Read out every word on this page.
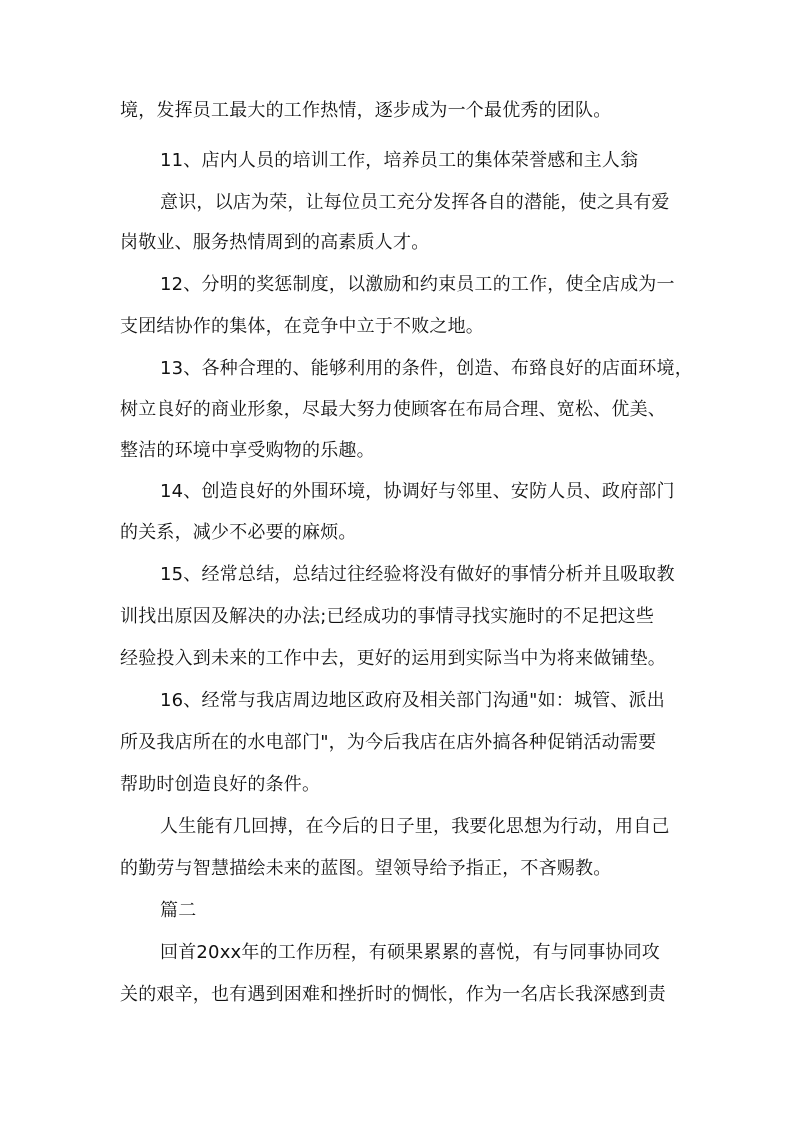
境，发挥员工最大的工作热情，逐步成为一个最优秀的团队。
11、店内人员的培训工作，培养员工的集体荣誉感和主人翁
意识，以店为荣，让每位员工充分发挥各自的潜能，使之具有爱
岗敬业、服务热情周到的高素质人才。
12、分明的奖惩制度，以激励和约束员工的工作，使全店成为一
支团结协作的集体，在竞争中立于不败之地。
13、各种合理的、能够利用的条件，创造、布臵良好的店面环境，
树立良好的商业形象，尽最大努力使顾客在布局合理、宽松、优美、
整洁的环境中享受购物的乐趣。
14、创造良好的外围环境，协调好与邻里、安防人员、政府部门
的关系，减少不必要的麻烦。
15、经常总结，总结过往经验将没有做好的事情分析并且吸取教
训找出原因及解决的办法;已经成功的事情寻找实施时的不足把这些
经验投入到未来的工作中去，更好的运用到实际当中为将来做铺垫。
16、经常与我店周边地区政府及相关部门沟通"如：城管、派出
所及我店所在的水电部门"，为今后我店在店外搞各种促销活动需要
帮助时创造良好的条件。
人生能有几回搏，在今后的日子里，我要化思想为行动，用自己
的勤劳与智慧描绘未来的蓝图。望领导给予指正，不吝赐教。
篇二
回首20xx年的工作历程，有硕果累累的喜悦，有与同事协同攻
关的艰辛，也有遇到困难和挫折时的惆怅，作为一名店长我深感到责
